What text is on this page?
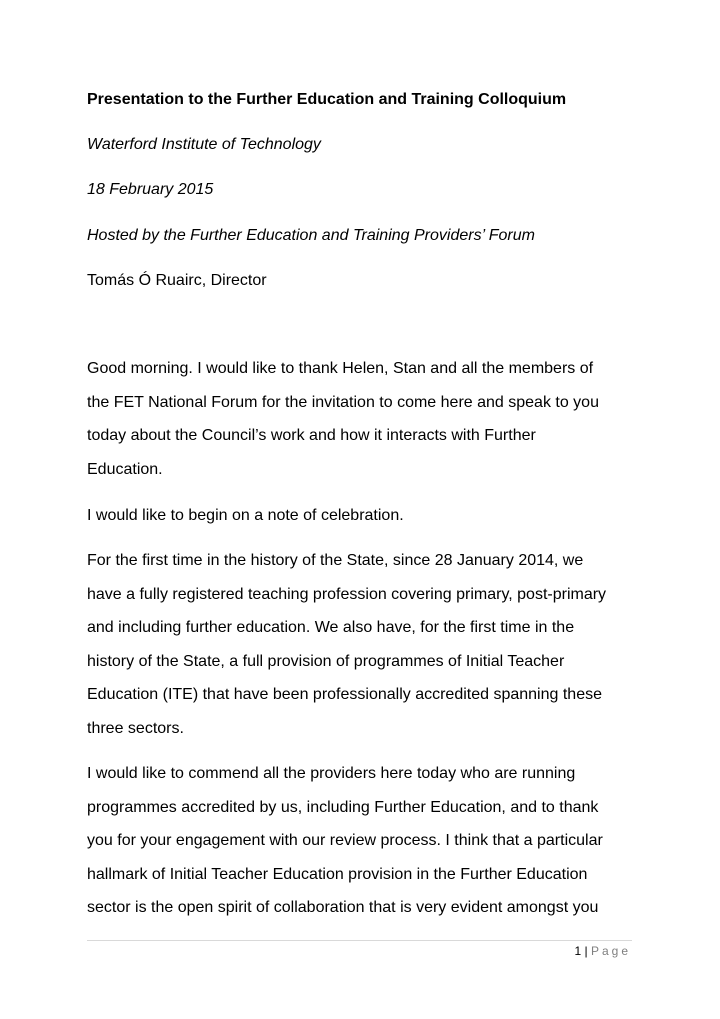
Presentation to the Further Education and Training Colloquium
Waterford Institute of Technology
18 February 2015
Hosted by the Further Education and Training Providers’ Forum
Tomás Ó Ruairc, Director

Good morning. I would like to thank Helen, Stan and all the members of
the FET National Forum for the invitation to come here and speak to you
today about the Council’s work and how it interacts with Further
Education.

I would like to begin on a note of celebration.

For the first time in the history of the State, since 28 January 2014, we
have a fully registered teaching profession covering primary, post-primary
and including further education. We also have, for the first time in the
history of the State, a full provision of programmes of Initial Teacher
Education (ITE) that have been professionally accredited spanning these
three sectors.

I would like to commend all the providers here today who are running
programmes accredited by us, including Further Education, and to thank
you for your engagement with our review process. I think that a particular
hallmark of Initial Teacher Education provision in the Further Education
sector is the open spirit of collaboration that is very evident amongst you

1 | Page
